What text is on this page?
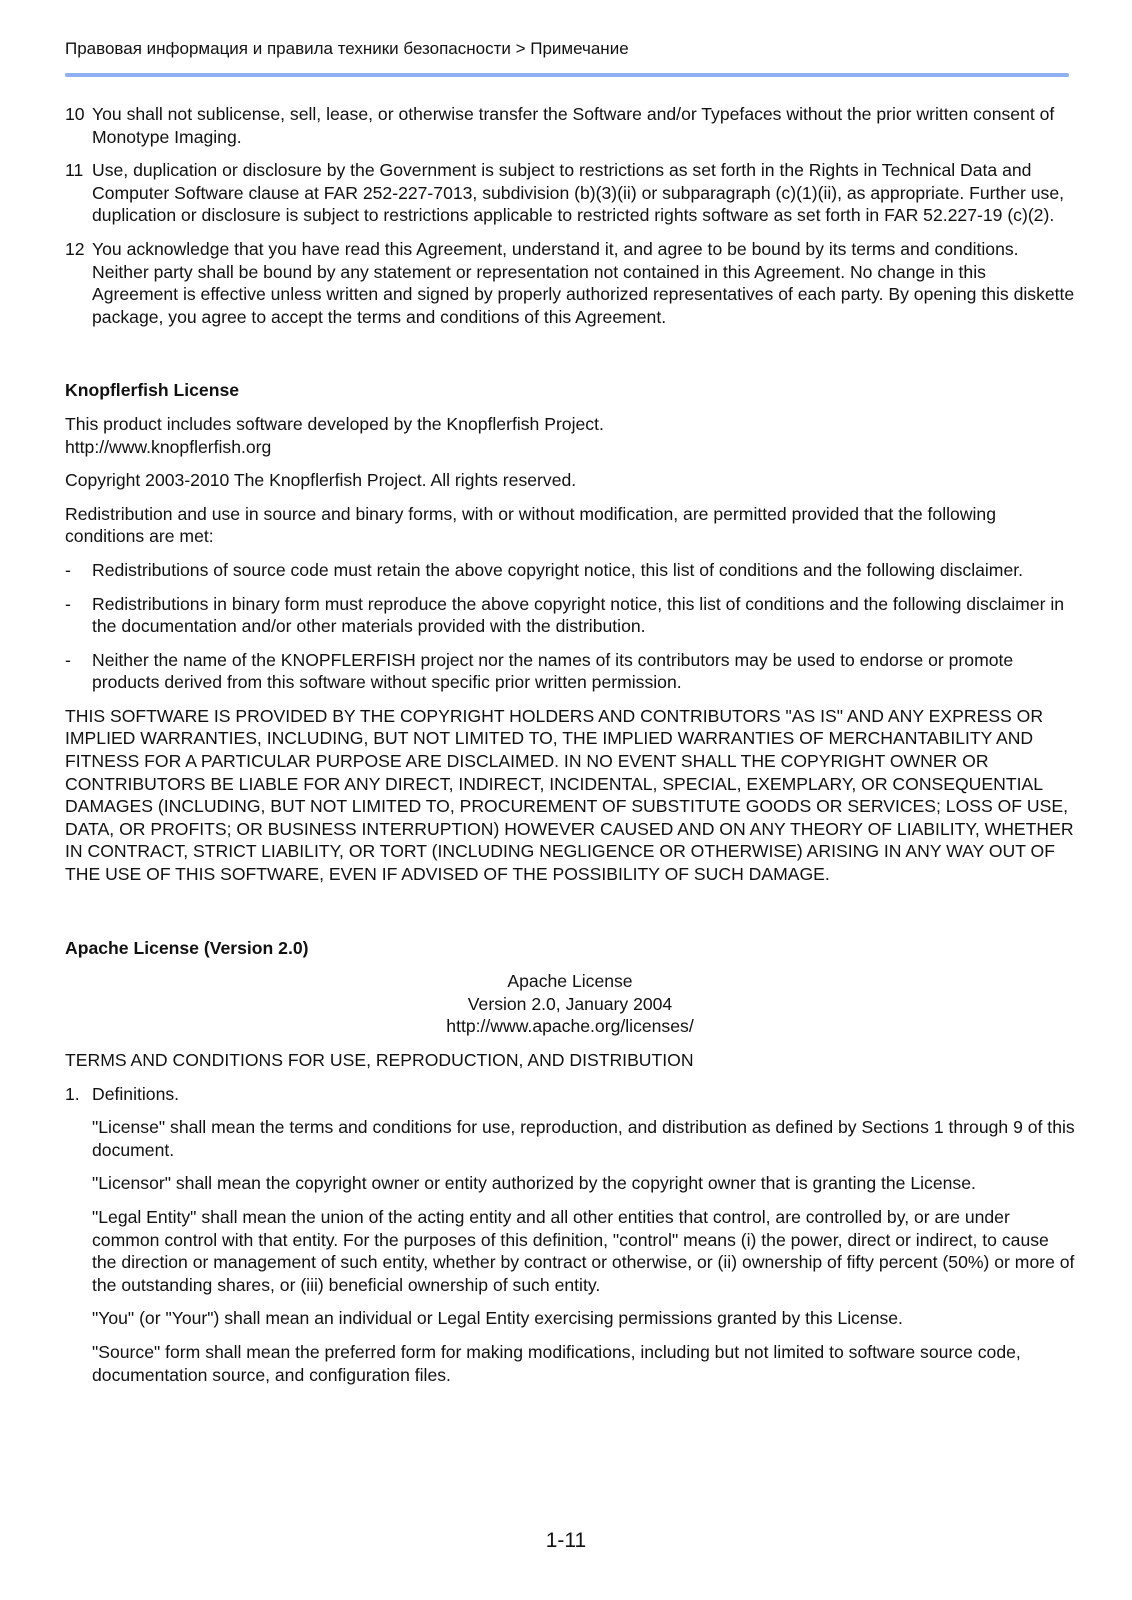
Правовая информация и правила техники безопасности > Примечание
10 You shall not sublicense, sell, lease, or otherwise transfer the Software and/or Typefaces without the prior written consent of Monotype Imaging.
11 Use, duplication or disclosure by the Government is subject to restrictions as set forth in the Rights in Technical Data and Computer Software clause at FAR 252-227-7013, subdivision (b)(3)(ii) or subparagraph (c)(1)(ii), as appropriate. Further use, duplication or disclosure is subject to restrictions applicable to restricted rights software as set forth in FAR 52.227-19 (c)(2).
12 You acknowledge that you have read this Agreement, understand it, and agree to be bound by its terms and conditions. Neither party shall be bound by any statement or representation not contained in this Agreement. No change in this Agreement is effective unless written and signed by properly authorized representatives of each party. By opening this diskette package, you agree to accept the terms and conditions of this Agreement.
Knopflerfish License
This product includes software developed by the Knopflerfish Project.
http://www.knopflerfish.org
Copyright 2003-2010 The Knopflerfish Project. All rights reserved.
Redistribution and use in source and binary forms, with or without modification, are permitted provided that the following conditions are met:
- Redistributions of source code must retain the above copyright notice, this list of conditions and the following disclaimer.
- Redistributions in binary form must reproduce the above copyright notice, this list of conditions and the following disclaimer in the documentation and/or other materials provided with the distribution.
- Neither the name of the KNOPFLERFISH project nor the names of its contributors may be used to endorse or promote products derived from this software without specific prior written permission.
THIS SOFTWARE IS PROVIDED BY THE COPYRIGHT HOLDERS AND CONTRIBUTORS "AS IS" AND ANY EXPRESS OR IMPLIED WARRANTIES, INCLUDING, BUT NOT LIMITED TO, THE IMPLIED WARRANTIES OF MERCHANTABILITY AND FITNESS FOR A PARTICULAR PURPOSE ARE DISCLAIMED. IN NO EVENT SHALL THE COPYRIGHT OWNER OR CONTRIBUTORS BE LIABLE FOR ANY DIRECT, INDIRECT, INCIDENTAL, SPECIAL, EXEMPLARY, OR CONSEQUENTIAL DAMAGES (INCLUDING, BUT NOT LIMITED TO, PROCUREMENT OF SUBSTITUTE GOODS OR SERVICES; LOSS OF USE, DATA, OR PROFITS; OR BUSINESS INTERRUPTION) HOWEVER CAUSED AND ON ANY THEORY OF LIABILITY, WHETHER IN CONTRACT, STRICT LIABILITY, OR TORT (INCLUDING NEGLIGENCE OR OTHERWISE) ARISING IN ANY WAY OUT OF THE USE OF THIS SOFTWARE, EVEN IF ADVISED OF THE POSSIBILITY OF SUCH DAMAGE.
Apache License (Version 2.0)
Apache License
Version 2.0, January 2004
http://www.apache.org/licenses/
TERMS AND CONDITIONS FOR USE, REPRODUCTION, AND DISTRIBUTION
1. Definitions.
"License" shall mean the terms and conditions for use, reproduction, and distribution as defined by Sections 1 through 9 of this document.
"Licensor" shall mean the copyright owner or entity authorized by the copyright owner that is granting the License.
"Legal Entity" shall mean the union of the acting entity and all other entities that control, are controlled by, or are under common control with that entity. For the purposes of this definition, "control" means (i) the power, direct or indirect, to cause the direction or management of such entity, whether by contract or otherwise, or (ii) ownership of fifty percent (50%) or more of the outstanding shares, or (iii) beneficial ownership of such entity.
"You" (or "Your") shall mean an individual or Legal Entity exercising permissions granted by this License.
"Source" form shall mean the preferred form for making modifications, including but not limited to software source code, documentation source, and configuration files.
1-11
